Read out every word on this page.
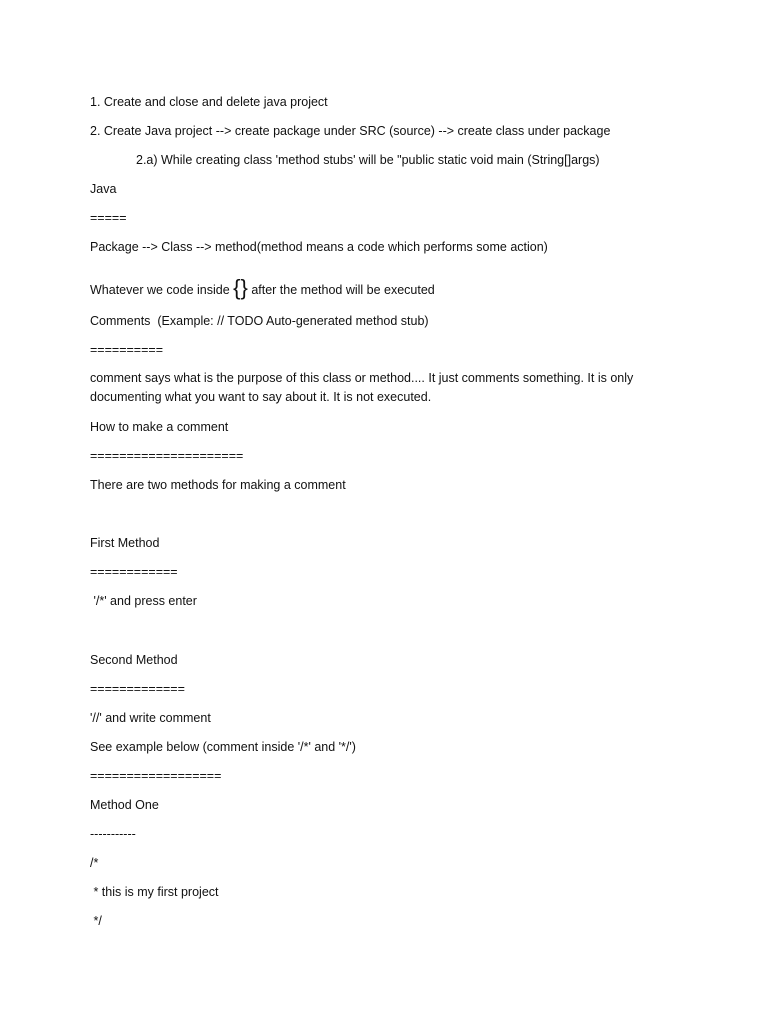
1. Create and close and delete java project
2. Create Java project --> create package under SRC (source) --> create class under package
2.a) While creating class 'method stubs' will be "public static void main (String[]args)
Java
=====
Package --> Class --> method(method means a code which performs some action)
Whatever we code inside {} after the method will be executed
Comments  (Example: // TODO Auto-generated method stub)
==========
comment says what is the purpose of this class or method.... It just comments something. It is only documenting what you want to say about it. It is not executed.
How to make a comment
=====================
There are two methods for making a comment
First Method
============
'/*' and press enter
Second Method
=============
'//' and write comment
See example below (comment inside '/*' and '*/')
==================
Method One
-----------
/*
* this is my first project
*/
